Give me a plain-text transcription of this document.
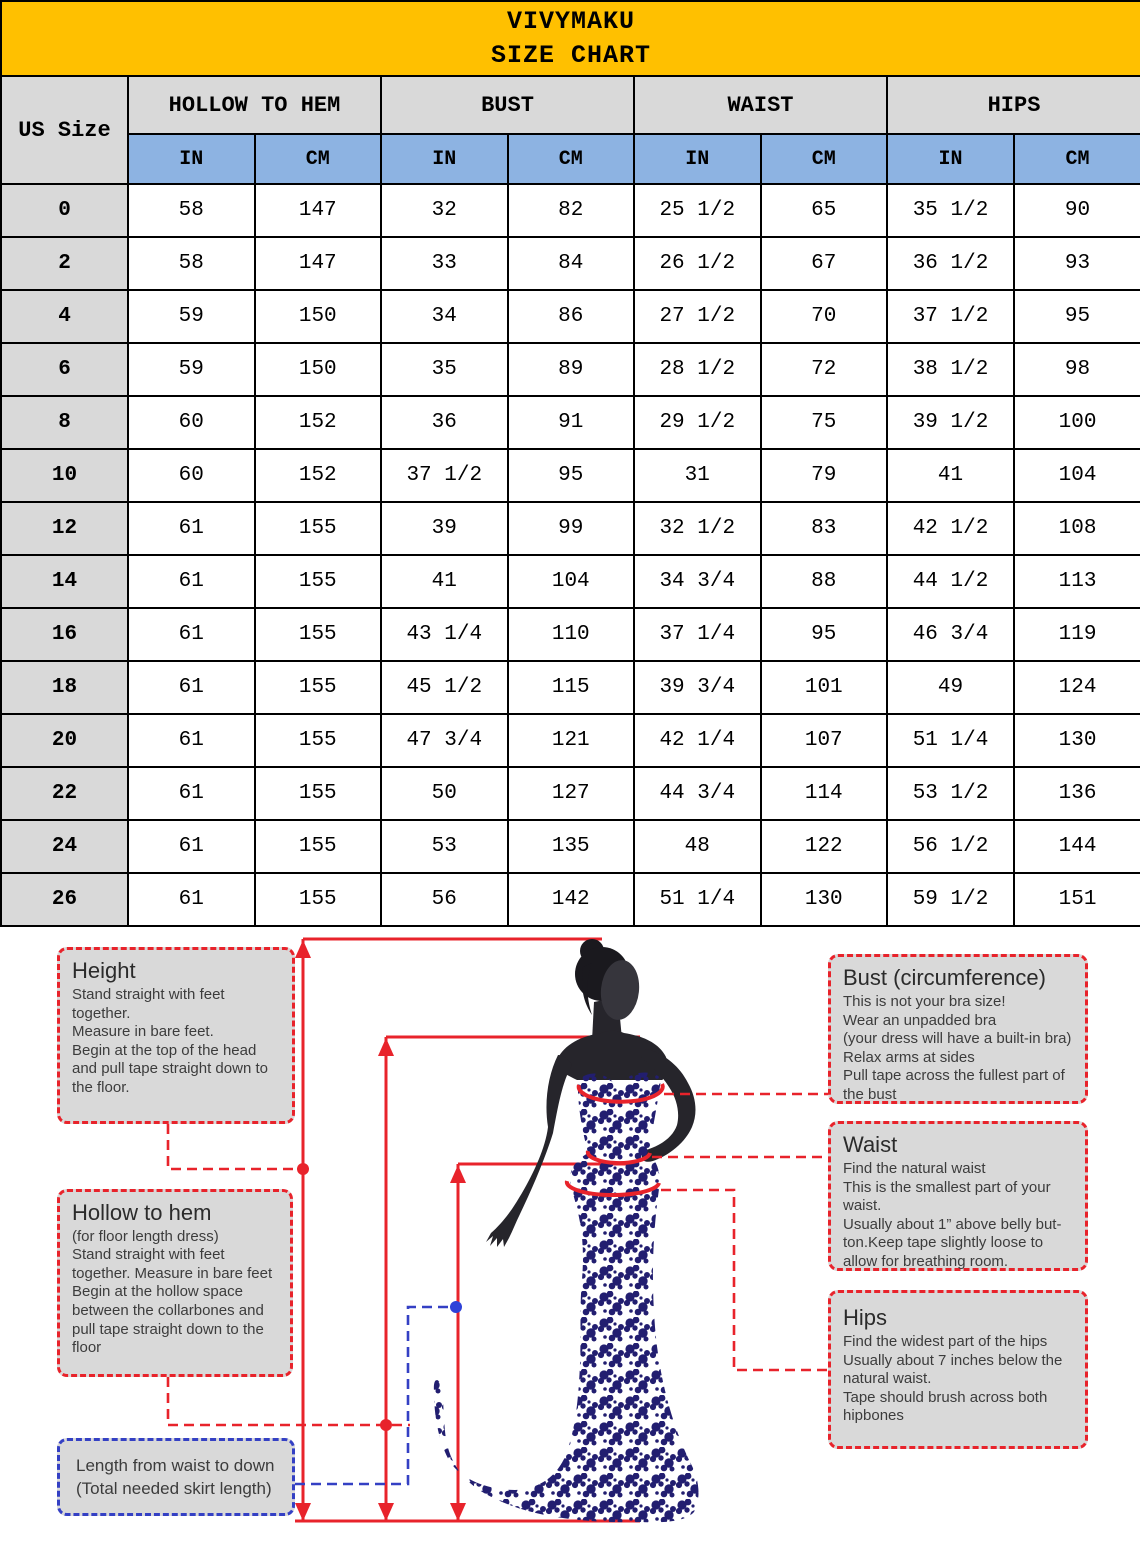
VIVYMAKU
SIZE CHART								

US Size	HOLLOW TO HEM		BUST		WAIST		HIPS	
	IN	CM	IN	CM	IN	CM	IN	CM
0	58	147	32	82	25 1/2	65	35 1/2	90
2	58	147	33	84	26 1/2	67	36 1/2	93
4	59	150	34	86	27 1/2	70	37 1/2	95
6	59	150	35	89	28 1/2	72	38 1/2	98
8	60	152	36	91	29 1/2	75	39 1/2	100
10	60	152	37 1/2	95	31	79	41	104
12	61	155	39	99	32 1/2	83	42 1/2	108
14	61	155	41	104	34 3/4	88	44 1/2	113
16	61	155	43 1/4	110	37 1/4	95	46 3/4	119
18	61	155	45 1/2	115	39 3/4	101	49	124
20	61	155	47 3/4	121	42 1/4	107	51 1/4	130
22	61	155	50	127	44 3/4	114	53 1/2	136
24	61	155	53	135	48	122	56 1/2	144
26	61	155	56	142	51 1/4	130	59 1/2	151
Height
Stand straight with feet together.
Measure in bare feet.
Begin at the top of the head and pull tape straight down to the floor.
Hollow to hem
(for floor length dress)
Stand straight with feet together. Measure in bare feet
Begin at the hollow space between the collarbones and pull tape straight down to the floor
Length from waist to down
(Total needed skirt length)
Bust (circumference)
This is not your bra size!
Wear an unpadded bra
(your dress will have a built-in bra)
Relax arms at sides
Pull tape across the fullest part of the bust
Waist
Find the natural waist
This is the smallest part of your waist.
Usually about 1” above belly but-ton.Keep tape slightly loose to allow for breathing room.
Hips
Find the widest part of the hips
Usually about 7 inches below the natural waist.
Tape should brush across both hipbones
